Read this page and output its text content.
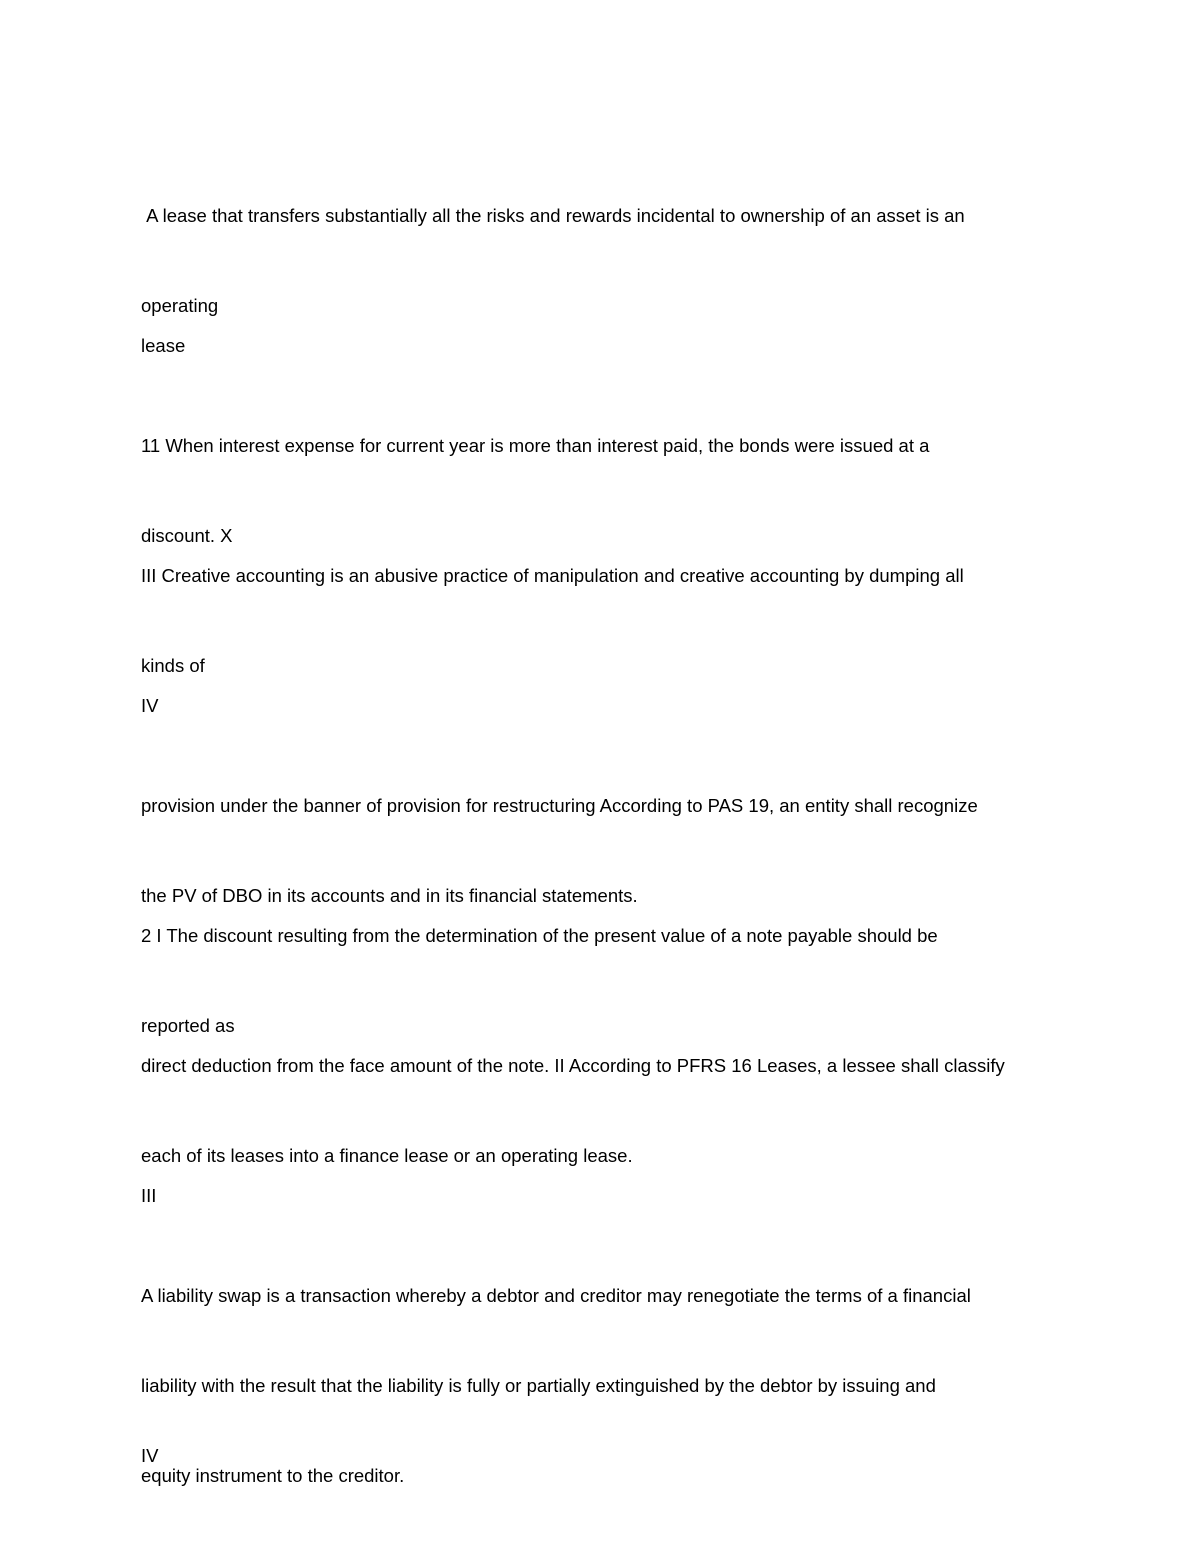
A lease that transfers substantially all the risks and rewards incidental to ownership of an asset is an

operating

lease

11 When interest expense for current year is more than interest paid, the bonds were issued at a

discount. X

III Creative accounting is an abusive practice of manipulation and creative accounting by dumping all

kinds of

IV

provision under the banner of provision for restructuring According to PAS 19, an entity shall recognize

the PV of DBO in its accounts and in its financial statements.

2 I The discount resulting from the determination of the present value of a note payable should be

reported as

direct deduction from the face amount of the note. II According to PFRS 16 Leases, a lessee shall classify

each of its leases into a finance lease or an operating lease.

III

A liability swap is a transaction whereby a debtor and creditor may renegotiate the terms of a financial

liability with the result that the liability is fully or partially extinguished by the debtor by issuing and

equity instrument to the creditor.

IV
